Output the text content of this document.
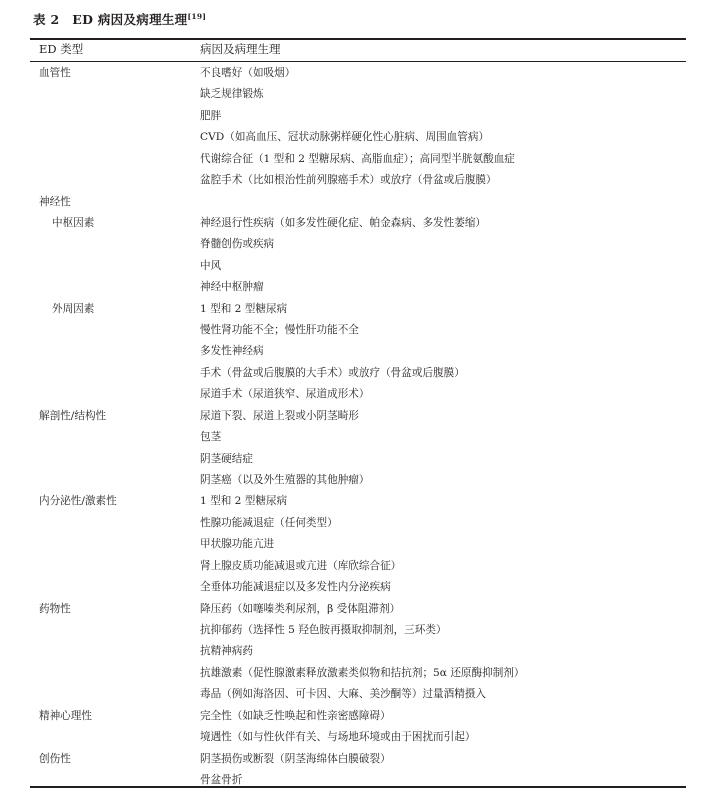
表 2　ED 病因及病理生理[19]
ED 类型	病因及病理生理
血管性	不良嗜好（如吸烟）
缺乏规律锻炼
肥胖
CVD（如高血压、冠状动脉粥样硬化性心脏病、周围血管病）
代谢综合征（1 型和 2 型糖尿病、高脂血症）；高同型半胱氨酸血症
盆腔手术（比如根治性前列腺癌手术）或放疗（骨盆或后腹膜）
神经性
中枢因素	神经退行性疾病（如多发性硬化症、帕金森病、多发性萎缩）
脊髓创伤或疾病
中风
神经中枢肿瘤
外周因素	1 型和 2 型糖尿病
慢性肾功能不全；慢性肝功能不全
多发性神经病
手术（骨盆或后腹膜的大手术）或放疗（骨盆或后腹膜）
尿道手术（尿道狭窄、尿道成形术）
解剖性/结构性	尿道下裂、尿道上裂或小阴茎畸形
包茎
阴茎硬结症
阴茎癌（以及外生殖器的其他肿瘤）
内分泌性/激素性	1 型和 2 型糖尿病
性腺功能减退症（任何类型）
甲状腺功能亢进
肾上腺皮质功能减退或亢进（库欣综合征）
全垂体功能减退症以及多发性内分泌疾病
药物性	降压药（如噻嗪类利尿剂，β 受体阻滞剂）
抗抑郁药（选择性 5 羟色胺再摄取抑制剂，三环类）
抗精神病药
抗雄激素（促性腺激素释放激素类似物和拮抗剂；5α 还原酶抑制剂）
毒品（例如海洛因、可卡因、大麻、美沙酮等）过量酒精摄入
精神心理性	完全性（如缺乏性唤起和性亲密感障碍）
境遇性（如与性伙伴有关、与场地环境或由于困扰而引起）
创伤性	阴茎损伤或断裂（阴茎海绵体白膜破裂）
骨盆骨折
